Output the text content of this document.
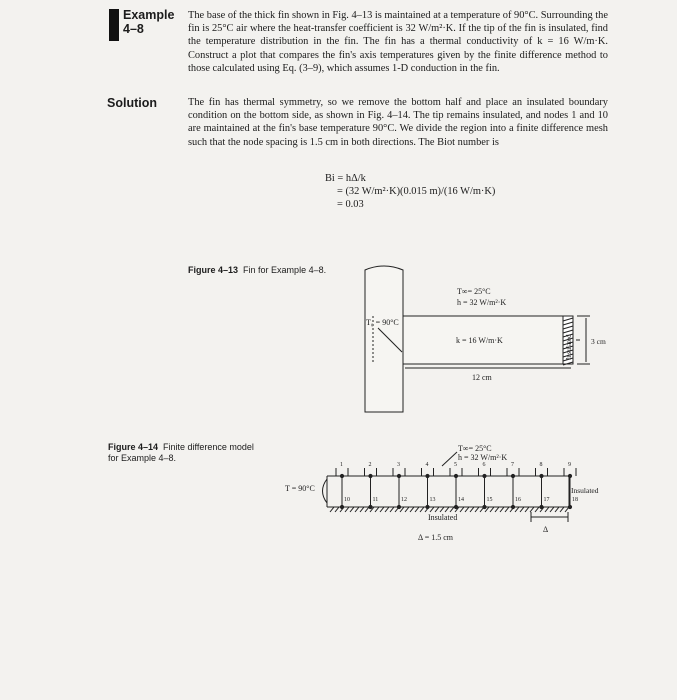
Example
4–8
The base of the thick fin shown in Fig. 4–13 is maintained at a temperature of 90°C. Surrounding the fin is 25°C air where the heat-transfer coefficient is 32 W/m²·K. If the tip of the fin is insulated, find the temperature distribution in the fin. The fin has a thermal conductivity of k = 16 W/m·K. Construct a plot that compares the fin's axis temperatures given by the finite difference method to those calculated using Eq. (3–9), which assumes 1-D conduction in the fin.
Solution	The fin has thermal symmetry, so we remove the bottom half and place an insulated boundary condition on the bottom side, as shown in Fig. 4–14. The tip remains insulated, and nodes 1 and 10 are maintained at the fin's base temperature 90°C. We divide the region into a finite difference mesh such that the node spacing is 1.5 cm in both directions. The Biot number is
Bi = hΔ/k
= (32 W/m²·K)(0.015 m)/(16 W/m·K)
= 0.03
Figure 4–13 Fin for Example 4–8.
Figure 4–14 Finite difference model for Example 4–8.
T∞= 25°C
h = 32 W/m²·K
T₀ = 90°C
k = 16 W/m·K
12 cm
3 cm
Insulated
1
10
2
11
3
12
4
13
5
14
6
15
7
16
8
17
9
18
T∞= 25°C
h = 32 W/m²·K
T = 90°C	Insulated
Insulated
Δ = 1.5 cm
Δ
